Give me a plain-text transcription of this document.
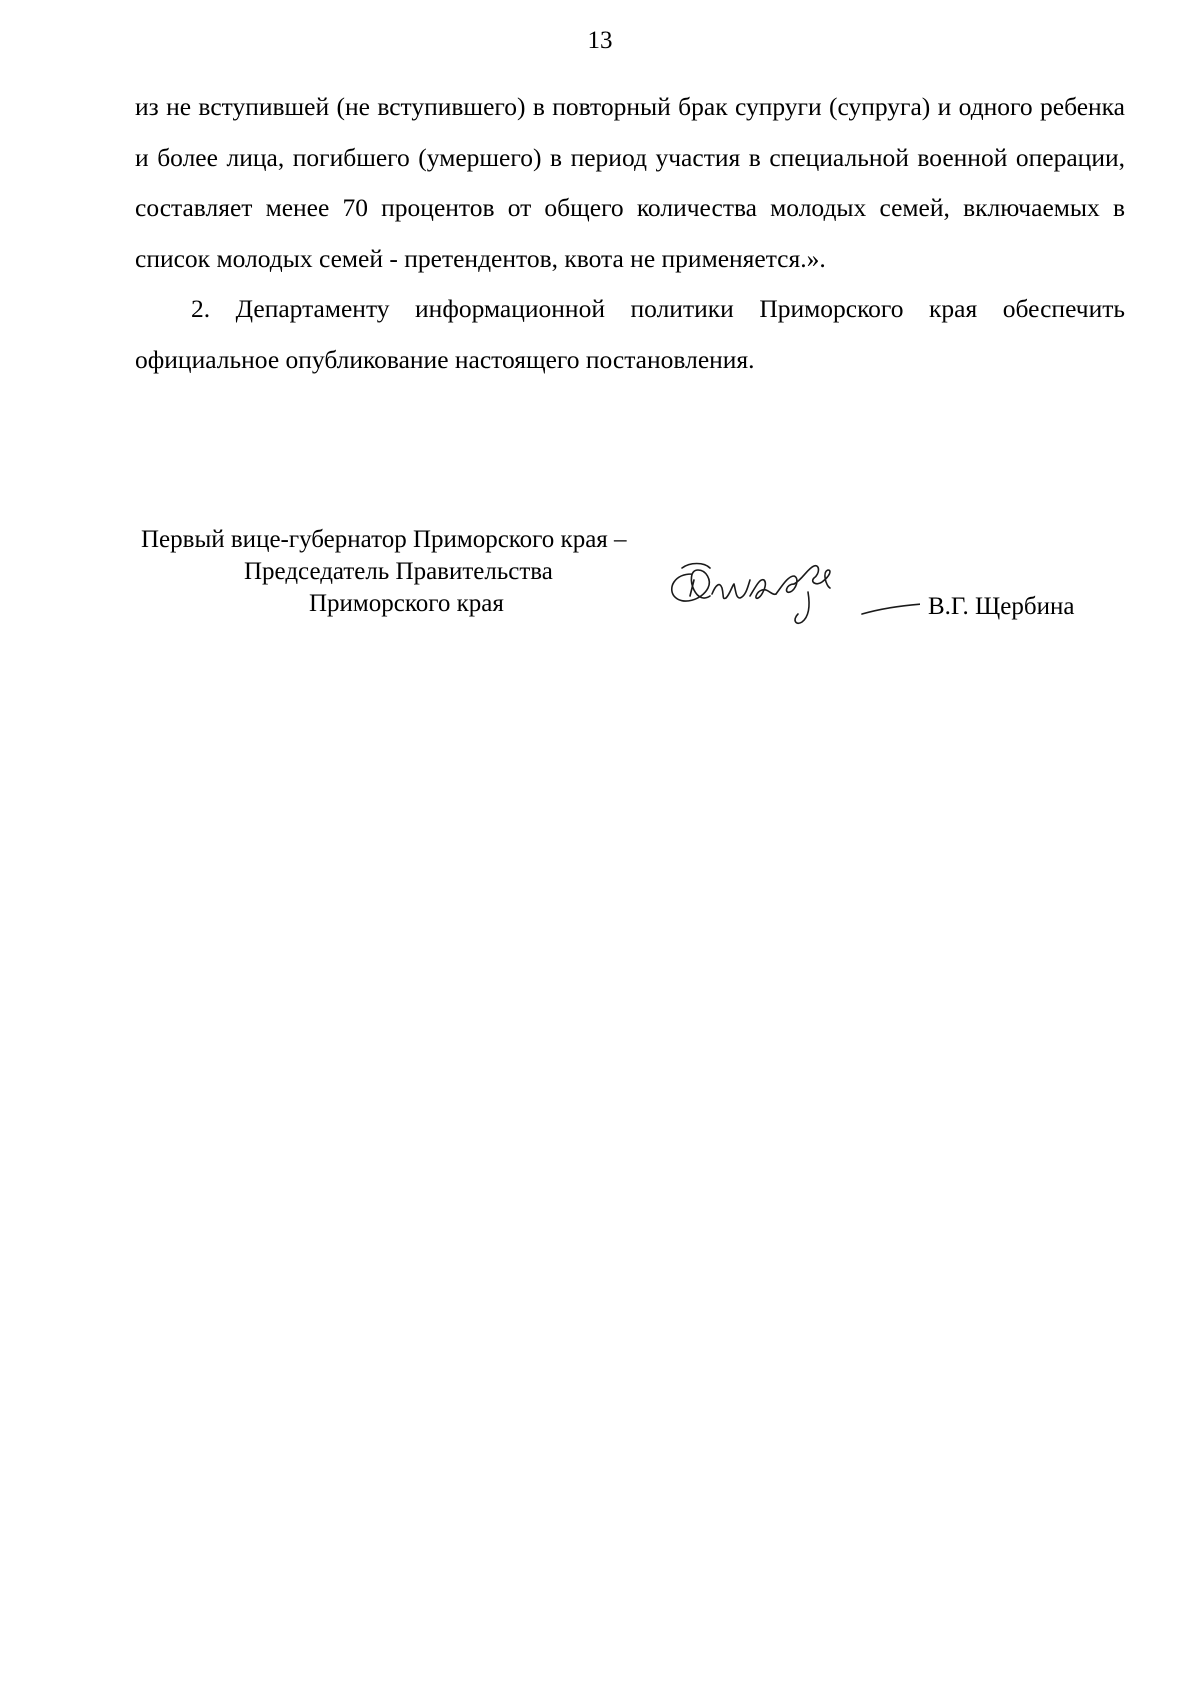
13

из не вступившей (не вступившего) в повторный брак супруги (супруга) и одного ребенка и более лица, погибшего (умершего) в период участия в специальной военной операции, составляет менее 70 процентов от общего количества молодых семей, включаемых в список молодых семей - претендентов, квота не применяется.».

2. Департаменту информационной политики Приморского края обеспечить официальное опубликование настоящего постановления.

Первый вице-губернатор Приморского края –
Председатель Правительства
Приморского края	В.Г. Щербина
